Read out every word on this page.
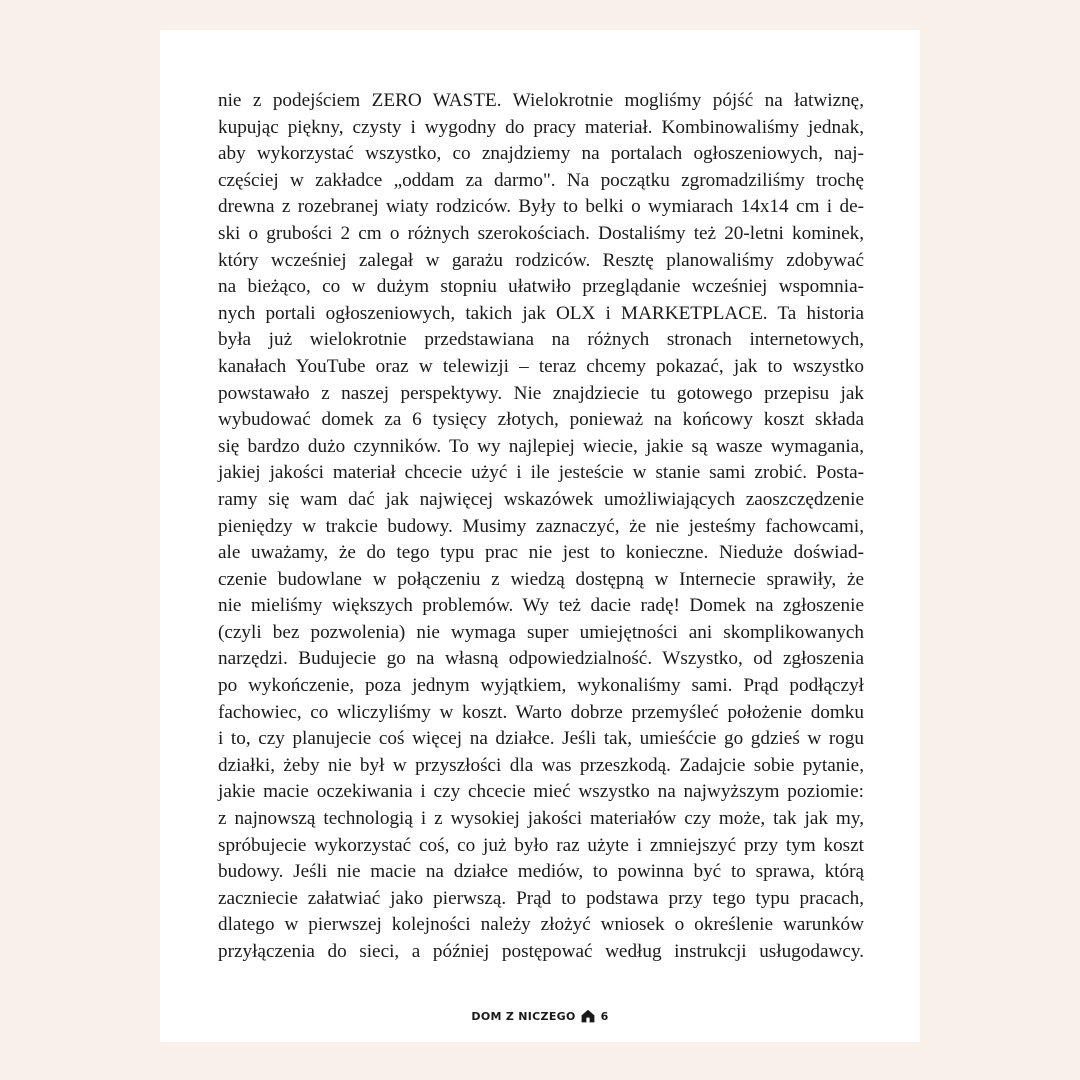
nie z podejściem ZERO WASTE. Wielokrotnie mogliśmy pójść na łatwiznę,
kupując piękny, czysty i wygodny do pracy materiał. Kombinowaliśmy jednak,
aby wykorzystać wszystko, co znajdziemy na portalach ogłoszeniowych, naj-
częściej w zakładce „oddam za darmo". Na początku zgromadziliśmy trochę
drewna z rozebranej wiaty rodziców. Były to belki o wymiarach 14x14 cm i de-
ski o grubości 2 cm o różnych szerokościach. Dostaliśmy też 20-letni kominek,
który wcześniej zalegał w garażu rodziców. Resztę planowaliśmy zdobywać
na bieżąco, co w dużym stopniu ułatwiło przeglądanie wcześniej wspomnia-
nych portali ogłoszeniowych, takich jak OLX i MARKETPLACE. Ta historia
była już wielokrotnie przedstawiana na różnych stronach internetowych,
kanałach YouTube oraz w telewizji – teraz chcemy pokazać, jak to wszystko
powstawało z naszej perspektywy. Nie znajdziecie tu gotowego przepisu jak
wybudować domek za 6 tysięcy złotych, ponieważ na końcowy koszt składa
się bardzo dużo czynników. To wy najlepiej wiecie, jakie są wasze wymagania,
jakiej jakości materiał chcecie użyć i ile jesteście w stanie sami zrobić. Posta-
ramy się wam dać jak najwięcej wskazówek umożliwiających zaoszczędzenie
pieniędzy w trakcie budowy. Musimy zaznaczyć, że nie jesteśmy fachowcami,
ale uważamy, że do tego typu prac nie jest to konieczne. Nieduże doświad-
czenie budowlane w połączeniu z wiedzą dostępną w Internecie sprawiły, że
nie mieliśmy większych problemów. Wy też dacie radę! Domek na zgłoszenie
(czyli bez pozwolenia) nie wymaga super umiejętności ani skomplikowanych
narzędzi. Budujecie go na własną odpowiedzialność. Wszystko, od zgłoszenia
po wykończenie, poza jednym wyjątkiem, wykonaliśmy sami. Prąd podłączył
fachowiec, co wliczyliśmy w koszt. Warto dobrze przemyśleć położenie domku
i to, czy planujecie coś więcej na działce. Jeśli tak, umieśćcie go gdzieś w rogu
działki, żeby nie był w przyszłości dla was przeszkodą. Zadajcie sobie pytanie,
jakie macie oczekiwania i czy chcecie mieć wszystko na najwyższym poziomie:
z najnowszą technologią i z wysokiej jakości materiałów czy może, tak jak my,
spróbujecie wykorzystać coś, co już było raz użyte i zmniejszyć przy tym koszt
budowy. Jeśli nie macie na działce mediów, to powinna być to sprawa, którą
zaczniecie załatwiać jako pierwszą. Prąd to podstawa przy tego typu pracach,
dlatego w pierwszej kolejności należy złożyć wniosek o określenie warunków
przyłączenia do sieci, a później postępować według instrukcji usługodawcy.
DOM Z NICZEGO 6
